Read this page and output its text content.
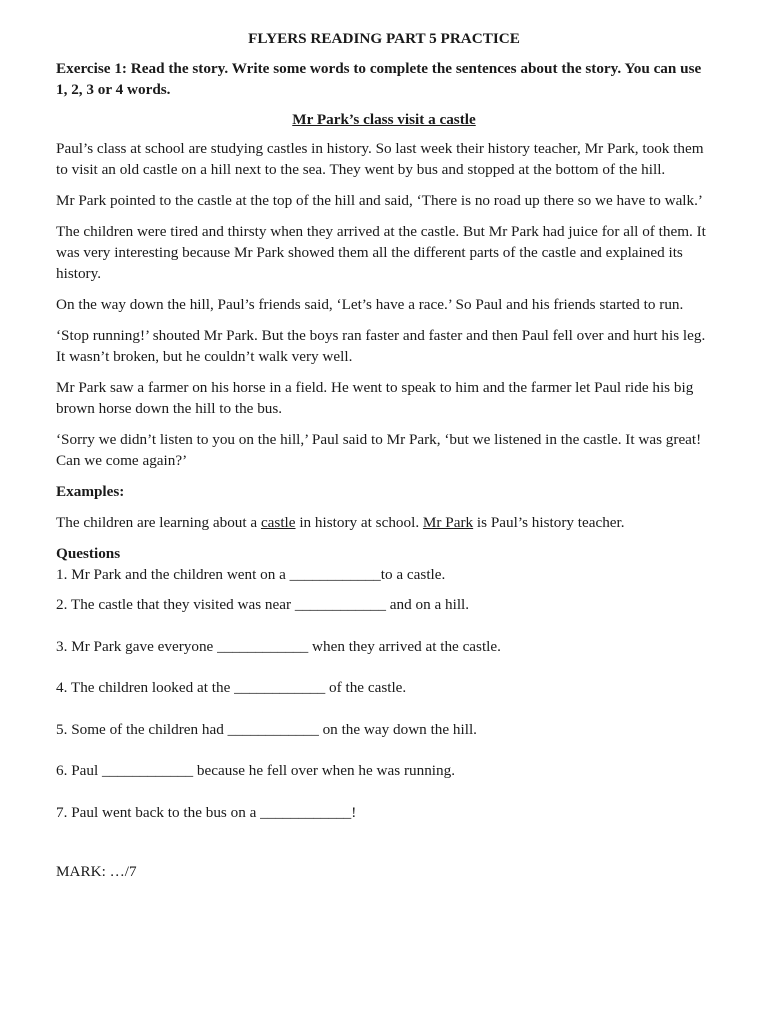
FLYERS READING PART 5 PRACTICE
Exercise 1: Read the story. Write some words to complete the sentences about the story. You can use 1, 2, 3 or 4 words.
Mr Park’s class visit a castle

Paul’s class at school are studying castles in history. So last week their history teacher, Mr Park, took them to visit an old castle on a hill next to the sea. They went by bus and stopped at the bottom of the hill.

Mr Park pointed to the castle at the top of the hill and said, ‘There is no road up there so we have to walk.’

The children were tired and thirsty when they arrived at the castle. But Mr Park had juice for all of them. It was very interesting because Mr Park showed them all the different parts of the castle and explained its history.

On the way down the hill, Paul’s friends said, ‘Let’s have a race.’ So Paul and his friends started to run.

‘Stop running!’ shouted Mr Park. But the boys ran faster and faster and then Paul fell over and hurt his leg. It wasn’t broken, but he couldn’t walk very well.

Mr Park saw a farmer on his horse in a field. He went to speak to him and the farmer let Paul ride his big brown horse down the hill to the bus.

‘Sorry we didn’t listen to you on the hill,’ Paul said to Mr Park, ‘but we listened in the castle. It was great! Can we come again?’

Examples:

The children are learning about a castle in history at school. Mr Park is Paul’s history teacher.

Questions

1. Mr Park and the children went on a ____________to a castle.

2. The castle that they visited was near ____________ and on a hill.

3. Mr Park gave everyone ____________ when they arrived at the castle.

4. The children looked at the ____________ of the castle.

5. Some of the children had ____________ on the way down the hill.

6. Paul ____________ because he fell over when he was running.

7. Paul went back to the bus on a ____________!

MARK: …/7
